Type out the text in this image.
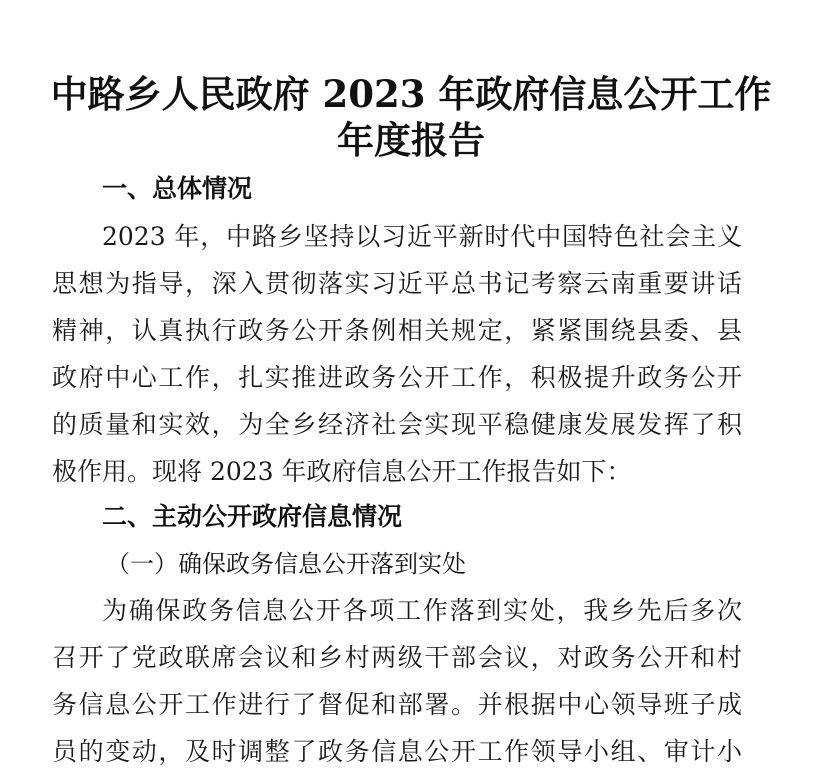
中路乡人民政府 2023 年政府信息公开工作
年度报告
一、总体情况
2023 年，中路乡坚持以习近平新时代中国特色社会主义
思想为指导，深入贯彻落实习近平总书记考察云南重要讲话
精神，认真执行政务公开条例相关规定，紧紧围绕县委、县
政府中心工作，扎实推进政务公开工作，积极提升政务公开
的质量和实效，为全乡经济社会实现平稳健康发展发挥了积
极作用。现将 2023 年政府信息公开工作报告如下：
二、主动公开政府信息情况
（一）确保政务信息公开落到实处
为确保政务信息公开各项工作落到实处，我乡先后多次
召开了党政联席会议和乡村两级干部会议，对政务公开和村
务信息公开工作进行了督促和部署。并根据中心领导班子成
员的变动，及时调整了政务信息公开工作领导小组、审计小
